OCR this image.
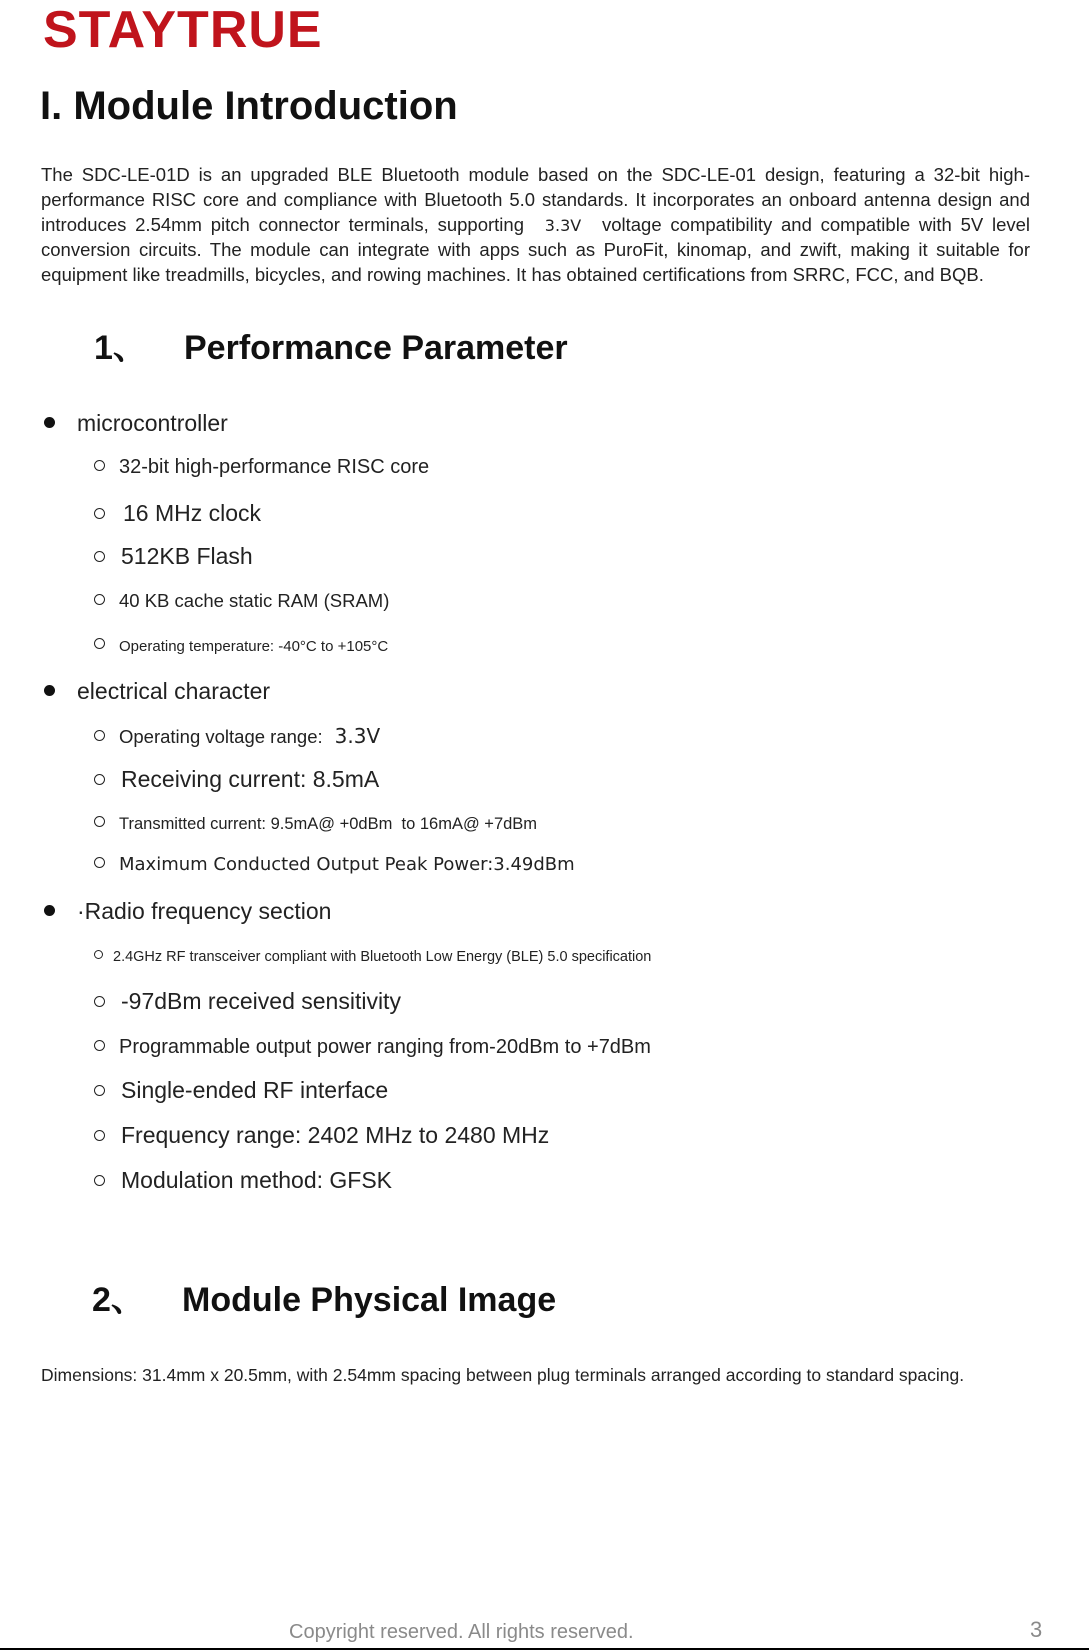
STAYTRUE
I. Module Introduction

The SDC-LE-01D is an upgraded BLE Bluetooth module based on the SDC-LE-01 design, featuring a 32-bit high-performance RISC core and compliance with Bluetooth 5.0 standards. It incorporates an onboard antenna design and introduces 2.54mm pitch connector terminals, supporting 3.3V voltage compatibility and compatible with 5V level conversion circuits. The module can integrate with apps such as PuroFit, kinomap, and zwift, making it suitable for equipment like treadmills, bicycles, and rowing machines. It has obtained certifications from SRRC, FCC, and BQB.

1、 Performance Parameter
microcontroller
32-bit high-performance RISC core
16 MHz clock
512KB Flash
40 KB cache static RAM (SRAM)
Operating temperature: -40°C to +105°C
electrical character
Operating voltage range: 3.3V
Receiving current: 8.5mA
Transmitted current: 9.5mA@ +0dBm  to 16mA@ +7dBm
Maximum Conducted Output Peak Power:3.49dBm
·Radio frequency section
2.4GHz RF transceiver compliant with Bluetooth Low Energy (BLE) 5.0 specification
-97dBm received sensitivity
Programmable output power ranging from-20dBm to +7dBm
Single-ended RF interface
Frequency range: 2402 MHz to 2480 MHz
Modulation method: GFSK
2、 Module Physical Image
Dimensions: 31.4mm x 20.5mm, with 2.54mm spacing between plug terminals arranged according to standard spacing.
Copyright reserved. All rights reserved.	3
